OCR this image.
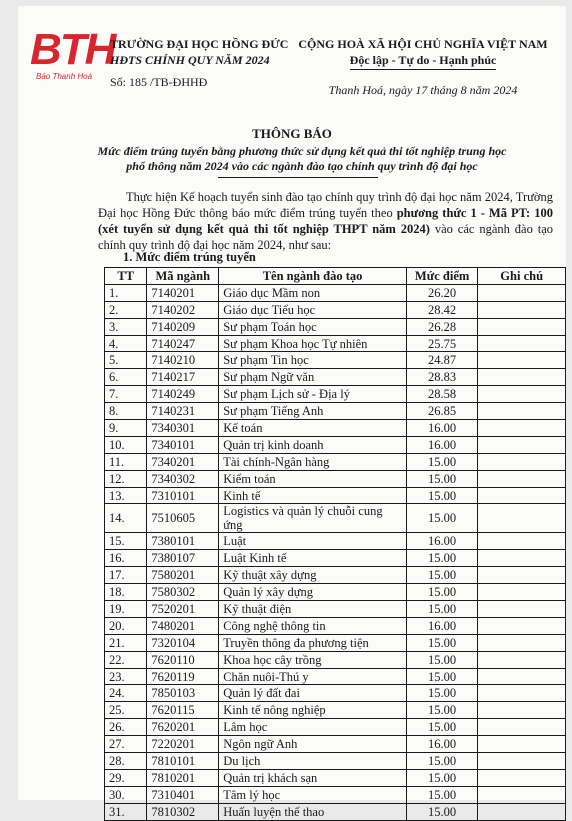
BTH
Báo Thanh Hoá
TRƯỜNG ĐẠI HỌC HỒNG ĐỨC
HĐTS CHÍNH QUY NĂM 2024
Số: 185 /TB-ĐHHĐ
CỘNG HOÀ XÃ HỘI CHỦ NGHĨA VIỆT NAM
Độc lập - Tự do - Hạnh phúc
Thanh Hoá, ngày 17 tháng 8 năm 2024
THÔNG BÁO
Mức điểm trúng tuyển bằng phương thức sử dụng kết quả thi tốt nghiệp trung học phổ thông năm 2024 vào các ngành đào tạo chính quy trình độ đại học
Thực hiện Kế hoạch tuyển sinh đào tạo chính quy trình độ đại học năm 2024, Trường Đại học Hồng Đức thông báo mức điểm trúng tuyển theo phương thức 1 - Mã PT: 100 (xét tuyển sử dụng kết quả thi tốt nghiệp THPT năm 2024) vào các ngành đào tạo chính quy trình độ đại học năm 2024, như sau:
1. Mức điểm trúng tuyển
TT	Mã ngành	Tên ngành đào tạo	Mức điểm	Ghi chú
1.	7140201	Giáo dục Mầm non	26.20	
2.	7140202	Giáo dục Tiểu học	28.42	
3.	7140209	Sư phạm Toán học	26.28	
4.	7140247	Sư phạm Khoa học Tự nhiên	25.75	
5.	7140210	Sư phạm Tin học	24.87	
6.	7140217	Sư phạm Ngữ văn	28.83	
7.	7140249	Sư phạm Lịch sử - Địa lý	28.58	
8.	7140231	Sư phạm Tiếng Anh	26.85	
9.	7340301	Kế toán	16.00	
10.	7340101	Quản trị kinh doanh	16.00	
11.	7340201	Tài chính-Ngân hàng	15.00	
12.	7340302	Kiểm toán	15.00	
13.	7310101	Kinh tế	15.00	
14.	7510605	Logistics và quản lý chuỗi cung ứng	15.00	
15.	7380101	Luật	16.00	
16.	7380107	Luật Kinh tế	15.00	
17.	7580201	Kỹ thuật xây dựng	15.00	
18.	7580302	Quản lý xây dựng	15.00	
19.	7520201	Kỹ thuật điện	15.00	
20.	7480201	Công nghệ thông tin	16.00	
21.	7320104	Truyền thông đa phương tiện	15.00	
22.	7620110	Khoa học cây trồng	15.00	
23.	7620119	Chăn nuôi-Thú y	15.00	
24.	7850103	Quản lý đất đai	15.00	
25.	7620115	Kinh tế nông nghiệp	15.00	
26.	7620201	Lâm học	15.00	
27.	7220201	Ngôn ngữ Anh	16.00	
28.	7810101	Du lịch	15.00	
29.	7810201	Quản trị khách sạn	15.00	
30.	7310401	Tâm lý học	15.00	
31.	7810302	Huấn luyện thể thao	15.00	
